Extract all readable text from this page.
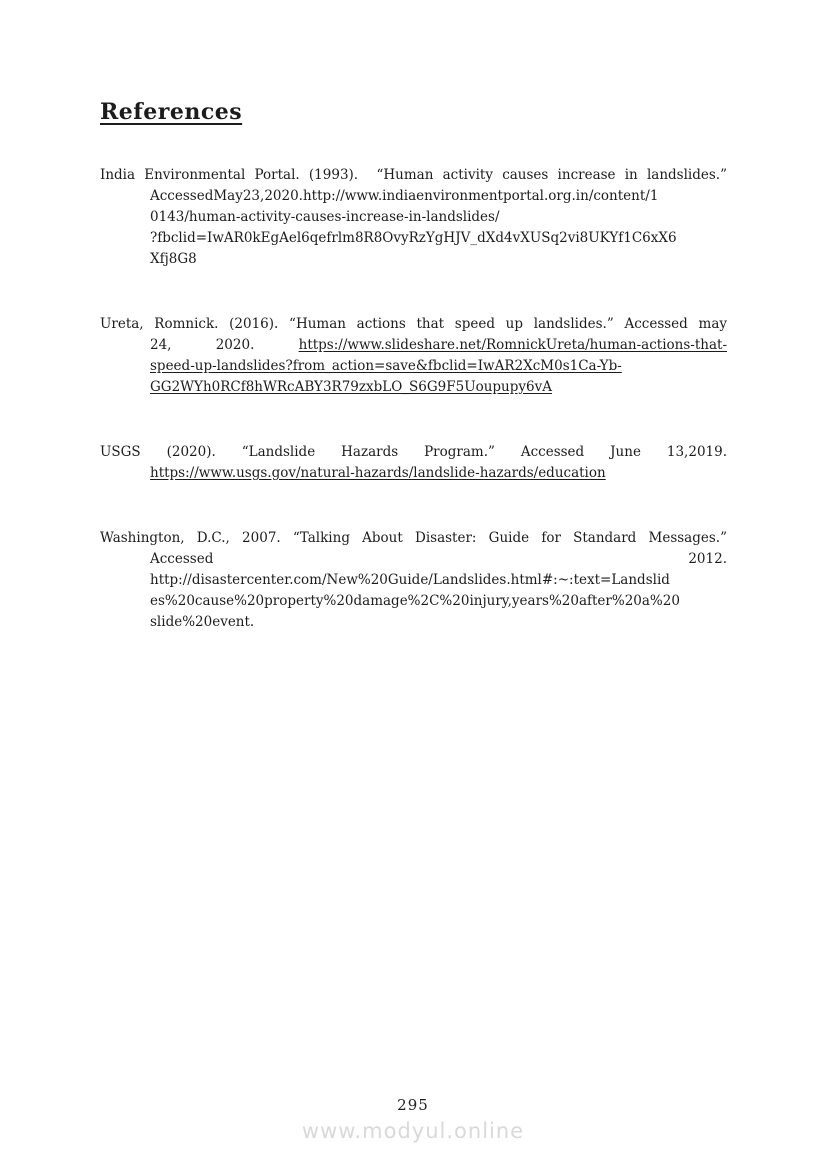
References
India Environmental Portal. (1993).  “Human activity causes increase in landslides.”
AccessedMay23,2020.http://www.indiaenvironmentportal.org.in/content/1
0143/human-activity-causes-increase-in-landslides/
?fbclid=IwAR0kEgAel6qefrlm8R8OvyRzYgHJV_dXd4vXUSq2vi8UKYf1C6xX6
Xfj8G8
Ureta, Romnick. (2016). “Human actions that speed up landslides.” Accessed may
24, 2020. https://www.slideshare.net/RomnickUreta/human-actions-that-
speed-up-landslides?from_action=save&fbclid=IwAR2XcM0s1Ca-Yb-
GG2WYh0RCf8hWRcABY3R79zxbLO_S6G9F5Uoupupy6vA
USGS (2020). “Landslide Hazards Program.” Accessed June 13,2019.
https://www.usgs.gov/natural-hazards/landslide-hazards/education
Washington, D.C., 2007. “Talking About Disaster: Guide for Standard Messages.”
Accessed 2012.
http://disastercenter.com/New%20Guide/Landslides.html#:~:text=Landslid
es%20cause%20property%20damage%2C%20injury,years%20after%20a%20
slide%20event.
295
www.modyul.online
